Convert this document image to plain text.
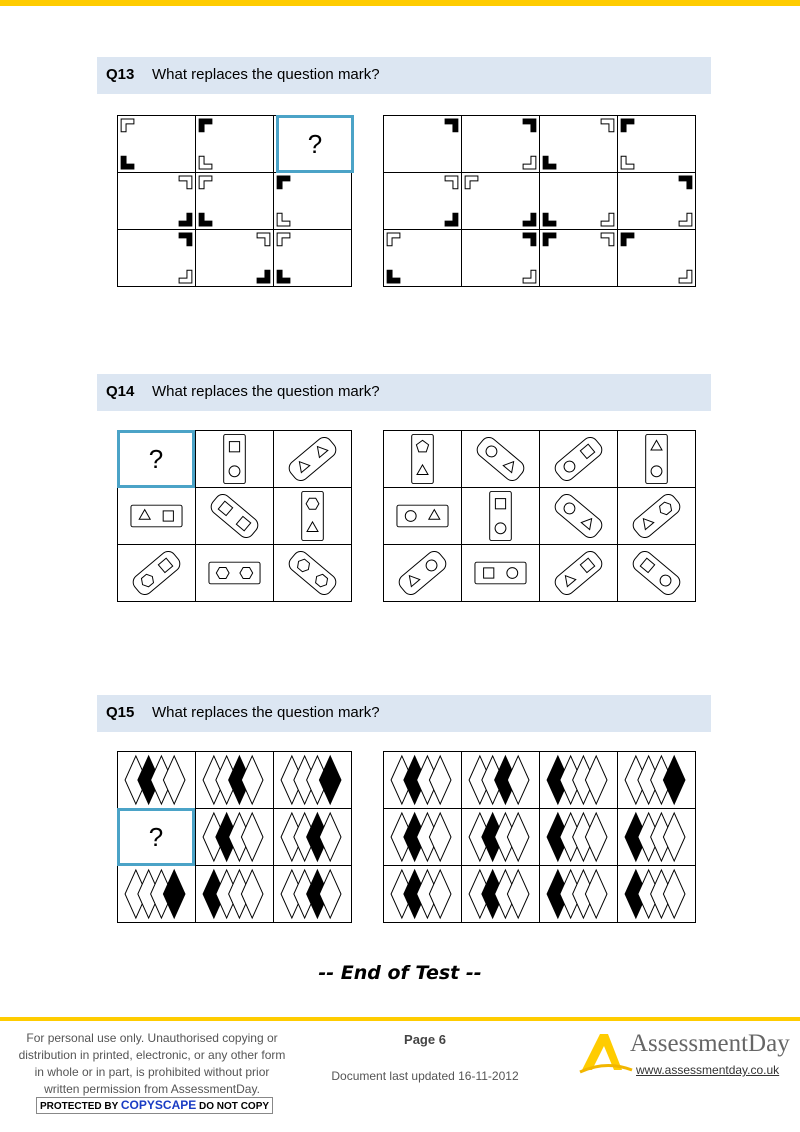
Q13 What replaces the question mark?
?
Q14 What replaces the question mark?
?
Q15 What replaces the question mark?
?
-- End of Test --
For personal use only. Unauthorised copying or distribution in printed, electronic, or any other form in whole or in part, is prohibited without prior written permission from AssessmentDay.
PROTECTED BY COPYSCAPE DO NOT COPY
Page 6
Document last updated 16-11-2012
AssessmentDay
www.assessmentday.co.uk
